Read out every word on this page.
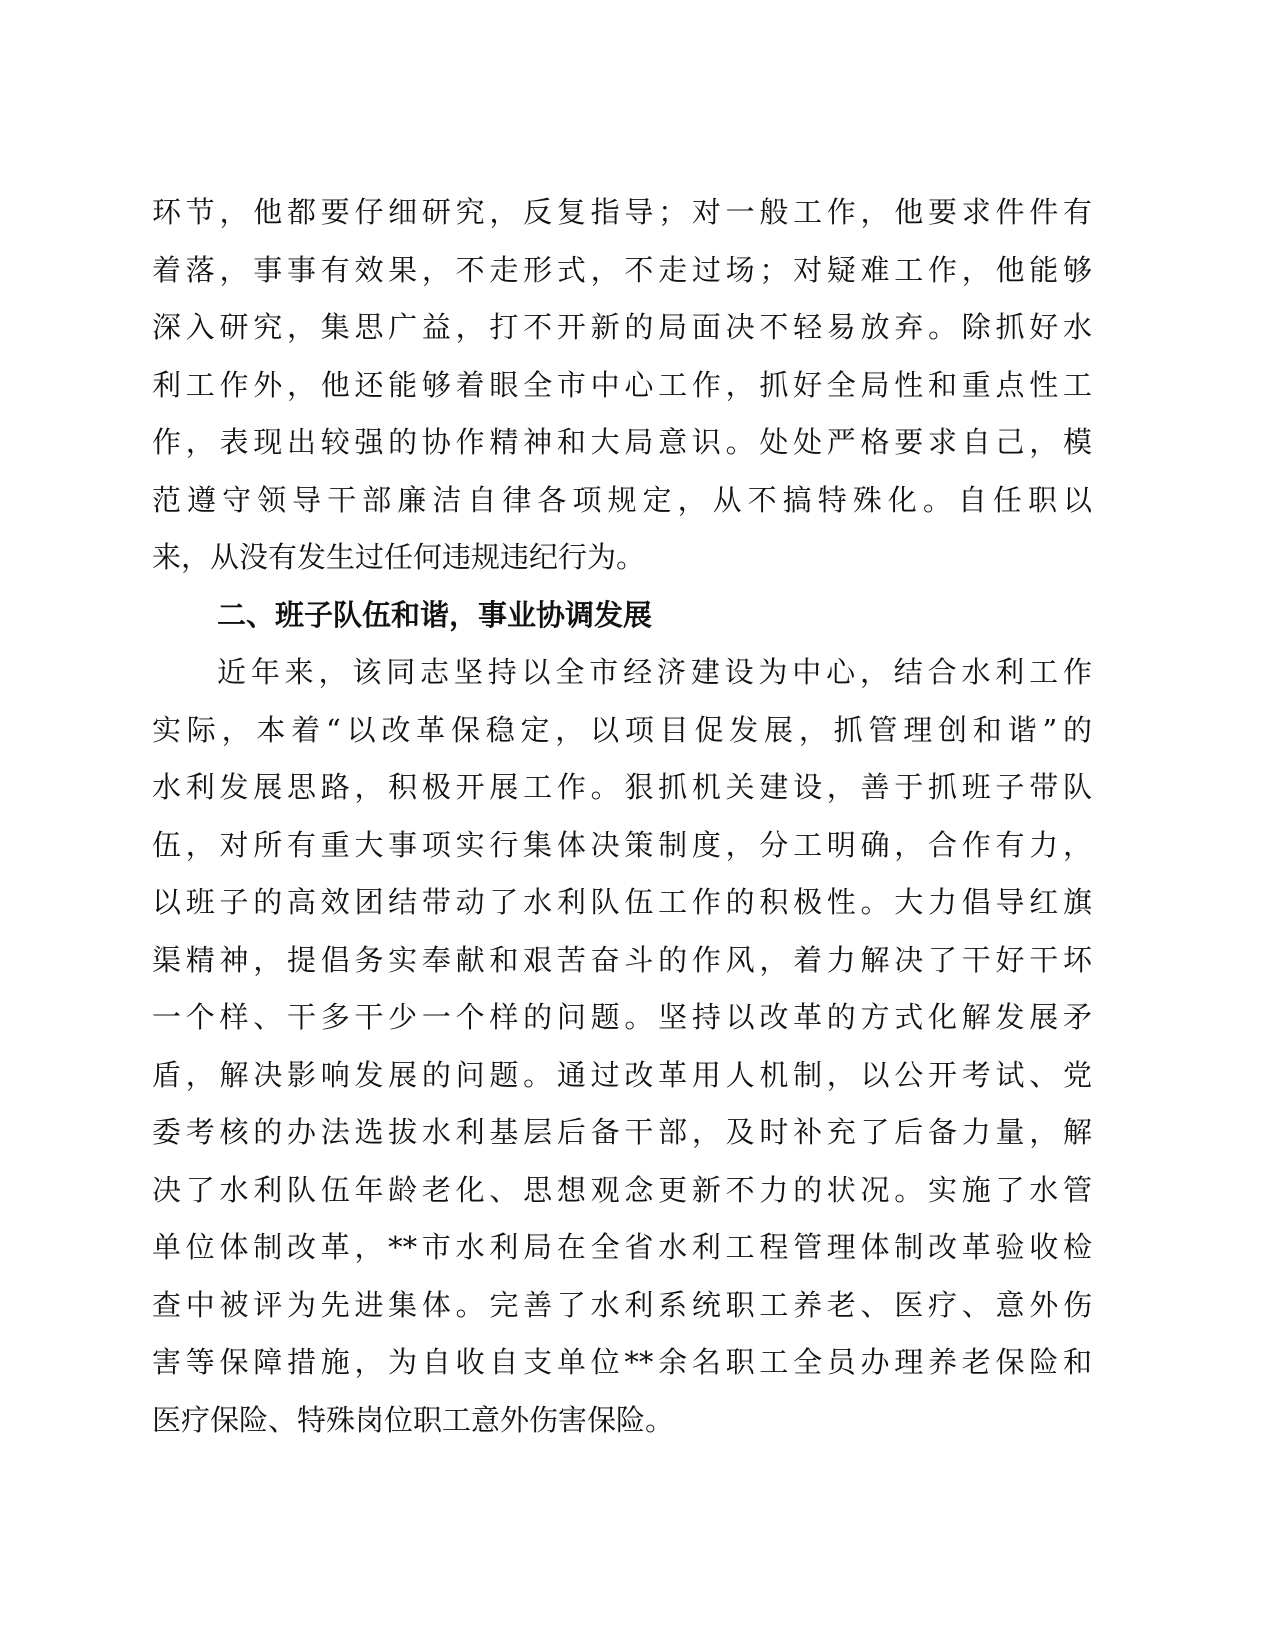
环节，他都要仔细研究，反复指导；对一般工作，他要求件件有
着落，事事有效果，不走形式，不走过场；对疑难工作，他能够
深入研究，集思广益，打不开新的局面决不轻易放弃。除抓好水
利工作外，他还能够着眼全市中心工作，抓好全局性和重点性工
作，表现出较强的协作精神和大局意识。处处严格要求自己，模
范遵守领导干部廉洁自律各项规定，从不搞特殊化。自任职以
来，从没有发生过任何违规违纪行为。
二、班子队伍和谐，事业协调发展
近年来，该同志坚持以全市经济建设为中心，结合水利工作
实际，本着“以改革保稳定，以项目促发展，抓管理创和谐”的
水利发展思路，积极开展工作。狠抓机关建设，善于抓班子带队
伍，对所有重大事项实行集体决策制度，分工明确，合作有力，
以班子的高效团结带动了水利队伍工作的积极性。大力倡导红旗
渠精神，提倡务实奉献和艰苦奋斗的作风，着力解决了干好干坏
一个样、干多干少一个样的问题。坚持以改革的方式化解发展矛
盾，解决影响发展的问题。通过改革用人机制，以公开考试、党
委考核的办法选拔水利基层后备干部，及时补充了后备力量，解
决了水利队伍年龄老化、思想观念更新不力的状况。实施了水管
单位体制改革，**市水利局在全省水利工程管理体制改革验收检
查中被评为先进集体。完善了水利系统职工养老、医疗、意外伤
害等保障措施，为自收自支单位**余名职工全员办理养老保险和
医疗保险、特殊岗位职工意外伤害保险。
